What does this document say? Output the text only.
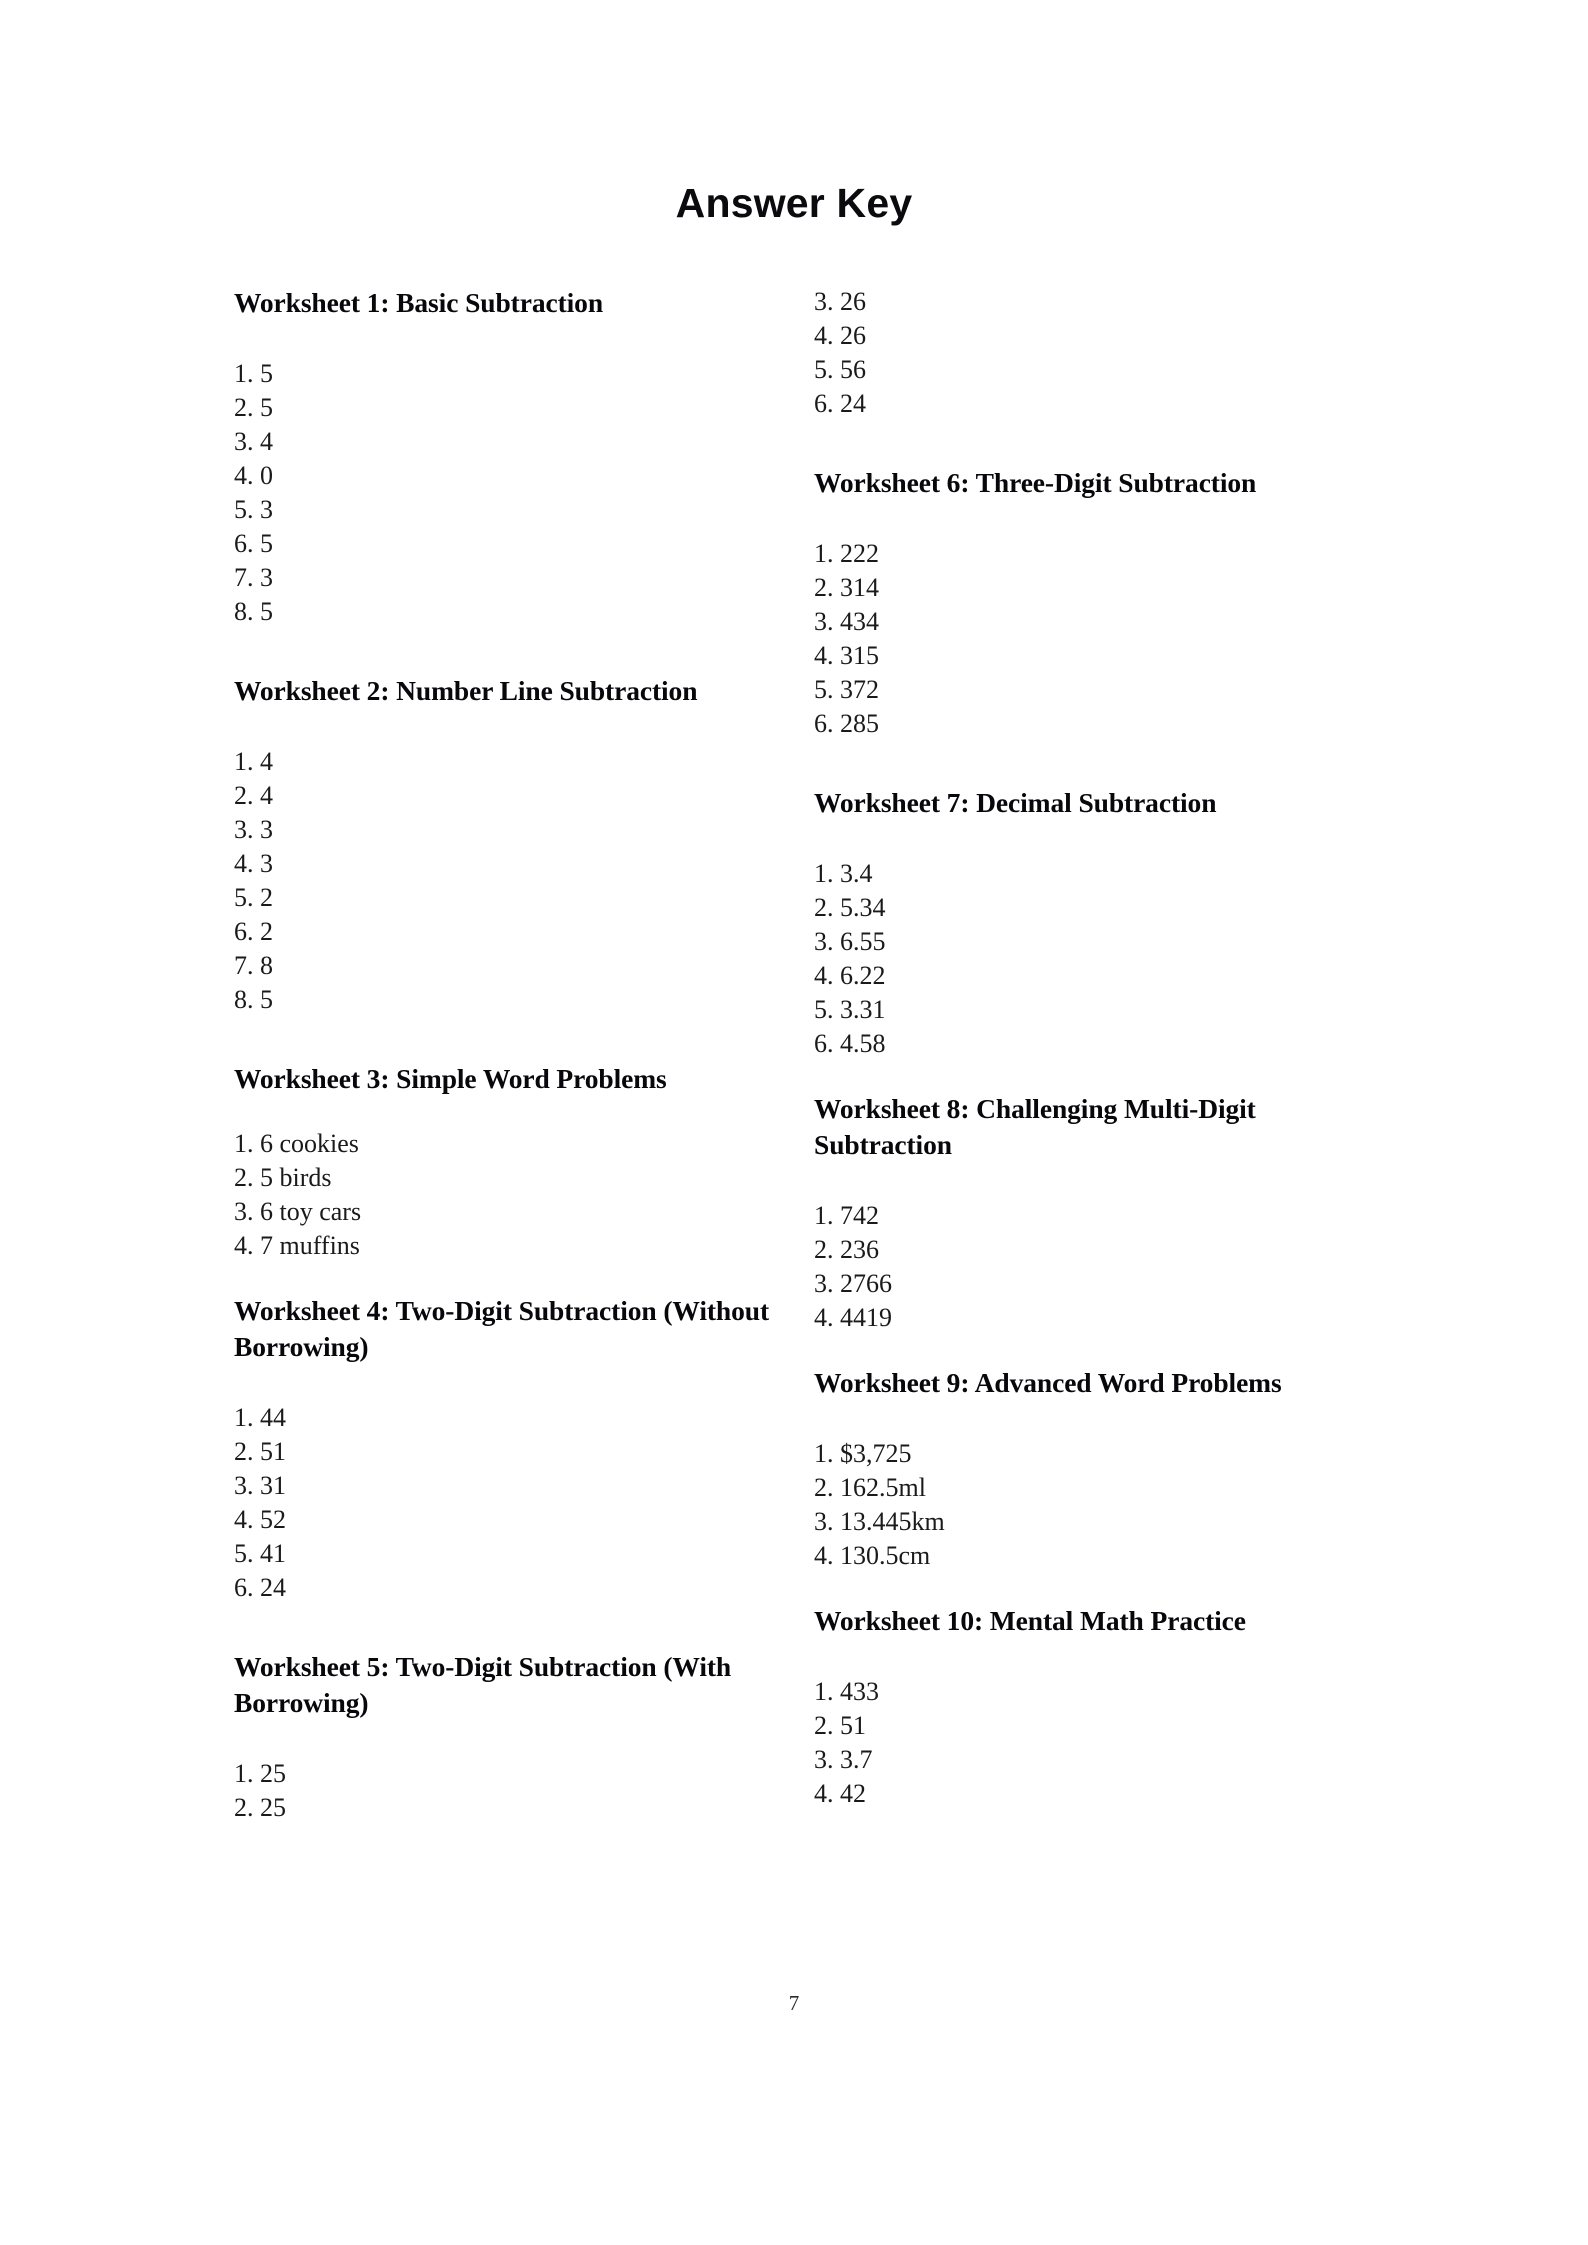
Answer Key
Worksheet 1: Basic Subtraction
1. 5
2. 5
3. 4
4. 0
5. 3
6. 5
7. 3
8. 5
Worksheet 2: Number Line Subtraction
1. 4
2. 4
3. 3
4. 3
5. 2
6. 2
7. 8
8. 5
Worksheet 3: Simple Word Problems
1. 6 cookies
2. 5 birds
3. 6 toy cars
4. 7 muffins
Worksheet 4: Two-Digit Subtraction (Without Borrowing)
1. 44
2. 51
3. 31
4. 52
5. 41
6. 24
Worksheet 5: Two-Digit Subtraction (With Borrowing)
1. 25
2. 25
3. 26
4. 26
5. 56
6. 24
Worksheet 6: Three-Digit Subtraction
1. 222
2. 314
3. 434
4. 315
5. 372
6. 285
Worksheet 7: Decimal Subtraction
1. 3.4
2. 5.34
3. 6.55
4. 6.22
5. 3.31
6. 4.58
Worksheet 8: Challenging Multi-Digit Subtraction
1. 742
2. 236
3. 2766
4. 4419
Worksheet 9: Advanced Word Problems
1. $3,725
2. 162.5ml
3. 13.445km
4. 130.5cm
Worksheet 10: Mental Math Practice
1. 433
2. 51
3. 3.7
4. 42
7
